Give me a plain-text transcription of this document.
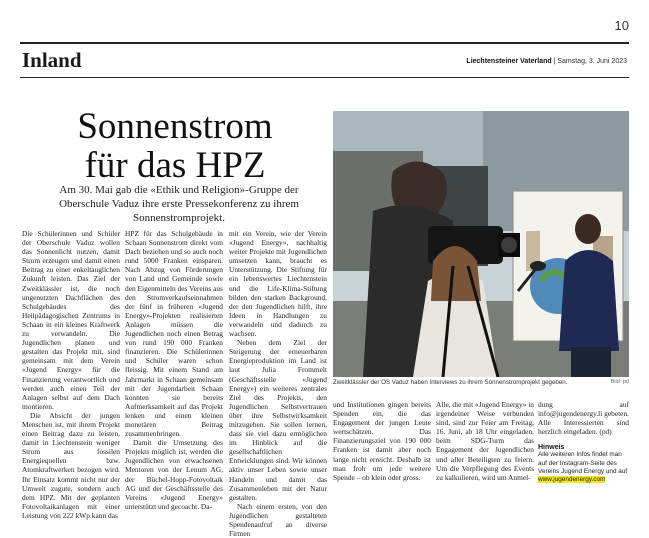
10
Inland	Liechtensteiner Vaterland | Samstag, 3. Juni 2023
Sonnenstrom
für das HPZ
Am 30. Mai gab die «Ethik und Religion»-Gruppe der Oberschule Vaduz ihre erste Pressekonferenz zu ihrem Sonnenstromprojekt.
Zweitklässler der OS Vaduz haben Interviews zu ihrem Sonnenstromprojekt gegeben.	Bild: pd

Die Schülerinnen und Schüler der Oberschule Vaduz wollen das Sonnenlicht nutzen, damit Strom erzeugen und damit einen Beitrag zu einer enkeltauglichen Zukunft leisten. Das Ziel der Zweitklässler ist, die noch ungenutzten Dachflächen des Schulgebäudes des Heilpädagogischen Zentrums in Schaan in ein kleines Kraftwerk zu verwandeln. Die Jugendlichen planen und gestalten das Projekt mit, sind gemeinsam mit dem Verein «Jugend Energy» für die Finanzierung verantwortlich und werden auch einen Teil der Anlagen selbst auf dem Dach montieren.

Die Absicht der jungen Menschen ist, mit ihrem Projekt einen Beitrag dazu zu leisten, damit in Liechtenstein weniger Strom aus fossilen Energiequellen bzw. Atomkraftwerken bezogen wird. Ihr Einsatz kommt nicht nur der Umwelt zugute, sondern auch dem HPZ. Mit der geplanten Fotovoltaikanlagen mit einer Leistung von 222 kWp kann das

HPZ für das Schulgebäude in Schaan Sonnenstrom direkt vom Dach beziehen und so auch noch rund 5000 Franken einsparen. Nach Abzug von Förderungen von Land und Gemeinde sowie den Eigenmitteln des Vereins aus den Stromverkaufseinnahmen der fünf in früheren «Jugend Energy»-Projekten realisierten Anlagen müssen die Jugendlichen noch einen Betrag von rund 190 000 Franken finanzieren. Die Schülerinnen und Schüler waren schon fleissig. Mit einem Stand am Jahrmarkt in Schaan gemeinsam mit der Jugendarbeit Schaan konnten sie bereits Aufmerksamkeit auf das Projekt lenken und einen kleinen monetären Beitrag zusammenbringen.

Damit die Umsetzung des Projekts möglich ist, werden die Jugendlichen von erwachsenen Mentoren von der Lenum AG, der Büchel-Hopp-Fotovoltaik AG und der Geschäftsstelle des Vereins «Jugend Energy» unterstützt und gecoacht. Da-

mit ein Verein, wie der Verein «Jugend Energy», nachhaltig weiter Projekte mit Jugendlichen umsetzen kann, braucht es Unterstützung. Die Stiftung für ein lebenswertes Liechtenstein und die Life-Klima-Stiftung bilden den starken Background, der den Jugendlichen hilft, ihre Ideen in Handlungen zu verwandeln und dadurch zu wachsen.

Neben dem Ziel der Steigerung der erneuerbaren Energieproduktion im Land ist laut Julia Frommelt (Geschäftsstelle «Jugend Energy») ein weiteres zentrales Ziel des Projekts, den Jugendlichen Selbstvertrauen über ihre Selbstwirksamkeit mitzugeben. Sie sollen lernen, dass sie viel dazu ermöglichen im Hinblick auf die gesellschaftlichen Entwicklungen sind. Wir können aktiv unser Leben sowie unser Handeln und damit das Zusammenleben mit der Natur gestalten.

Nach einem ersten, von den Jugendlichen gestalteten Spendenaufruf an diverse Firmen

und Institutionen gingen bereits Spenden ein, die das Engagement der jungen Leute wertschätzen. Das Finanzierungsziel von 190 000 Franken ist damit aber noch lange nicht erreicht. Deshalb ist man froh um jede weitere Spende – ob klein oder gross.

Alle, die mit «Jugend Energy» in irgendeiner Weise verbunden sind, sind zur Feier am Freitag, 16. Juni, ab 18 Uhr eingeladen, beim SDG-Turm das Engagement der Jugendlichen und aller Beteiligten zu feiern. Um die Verpflegung des Events zu kalkulieren, wird um Anmel-

dung auf info@jugendenergy.li gebeten. Alle Interessierten sind herzlich eingeladen. (pd)

Hinweis
Alle weiteren Infos findet man auf der Instagram-Seite des Vereins Jugend Energy und auf www.jugendenergy.com
